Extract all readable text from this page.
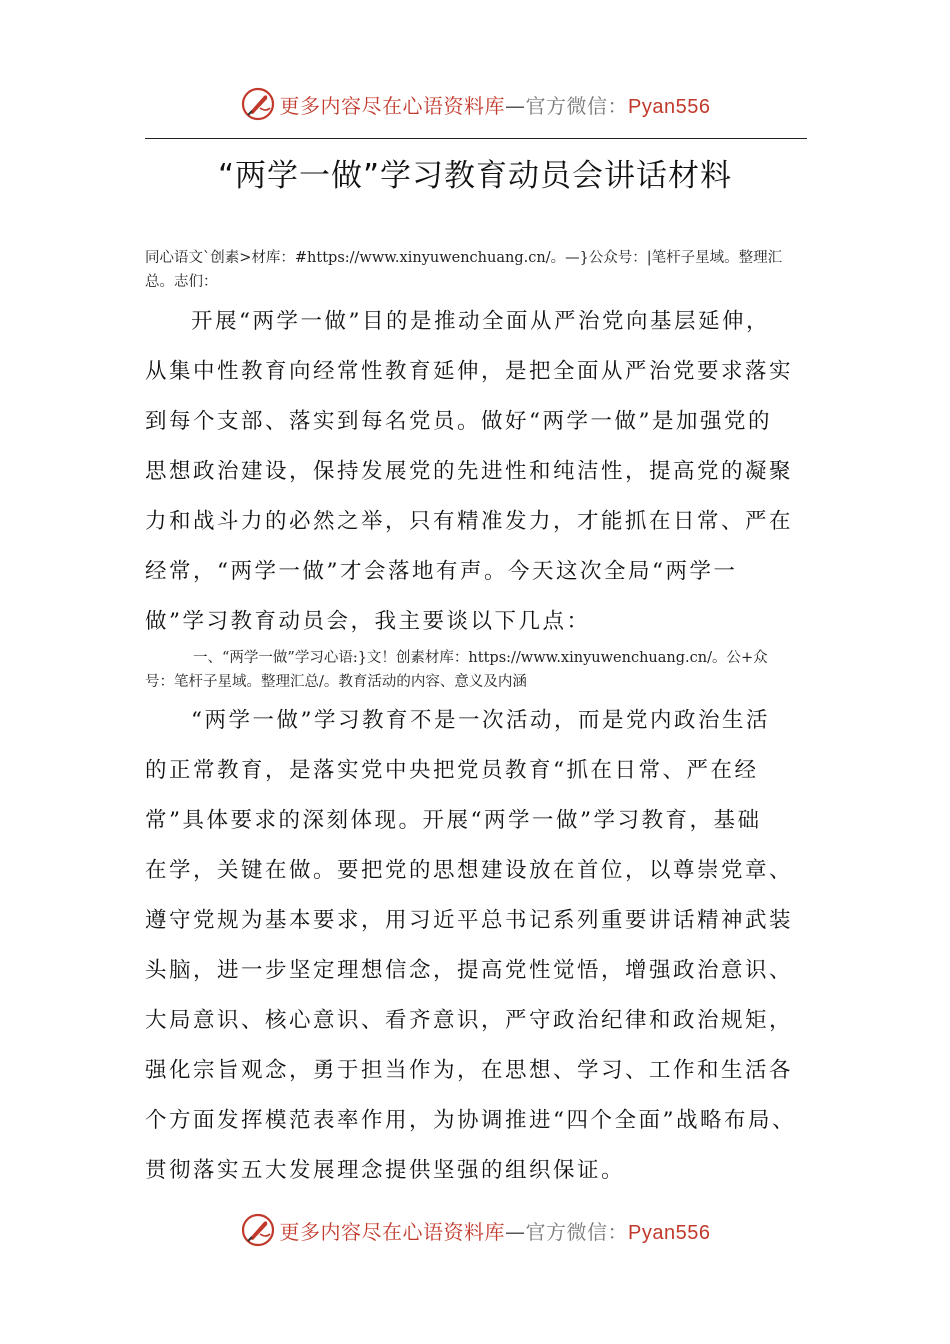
更多内容尽在心语资料库—官方微信：Pyan556
“两学一做”学习教育动员会讲话材料

同心语文`创素>材库：#https://www.xinyuwenchuang.cn/。—}公众号：|笔杆子星域。整理汇总。志们：

开展“两学一做”目的是推动全面从严治党向基层延伸，
从集中性教育向经常性教育延伸，是把全面从严治党要求落实
到每个支部、落实到每名党员。做好“两学一做”是加强党的
思想政治建设，保持发展党的先进性和纯洁性，提高党的凝聚
力和战斗力的必然之举，只有精准发力，才能抓在日常、严在
经常，“两学一做”才会落地有声。今天这次全局“两学一
做”学习教育动员会，我主要谈以下几点：

一、“两学一做”学习心语:}文！创素材库：https://www.xinyuwenchuang.cn/。公+众
号：笔杆子星域。整理汇总/。教育活动的内容、意义及内涵

“两学一做”学习教育不是一次活动，而是党内政治生活
的正常教育，是落实党中央把党员教育“抓在日常、严在经
常”具体要求的深刻体现。开展“两学一做”学习教育，基础
在学，关键在做。要把党的思想建设放在首位，以尊崇党章、
遵守党规为基本要求，用习近平总书记系列重要讲话精神武装
头脑，进一步坚定理想信念，提高党性觉悟，增强政治意识、
大局意识、核心意识、看齐意识，严守政治纪律和政治规矩，
强化宗旨观念，勇于担当作为，在思想、学习、工作和生活各
个方面发挥模范表率作用，为协调推进“四个全面”战略布局、
贯彻落实五大发展理念提供坚强的组织保证。
更多内容尽在心语资料库—官方微信：Pyan556
